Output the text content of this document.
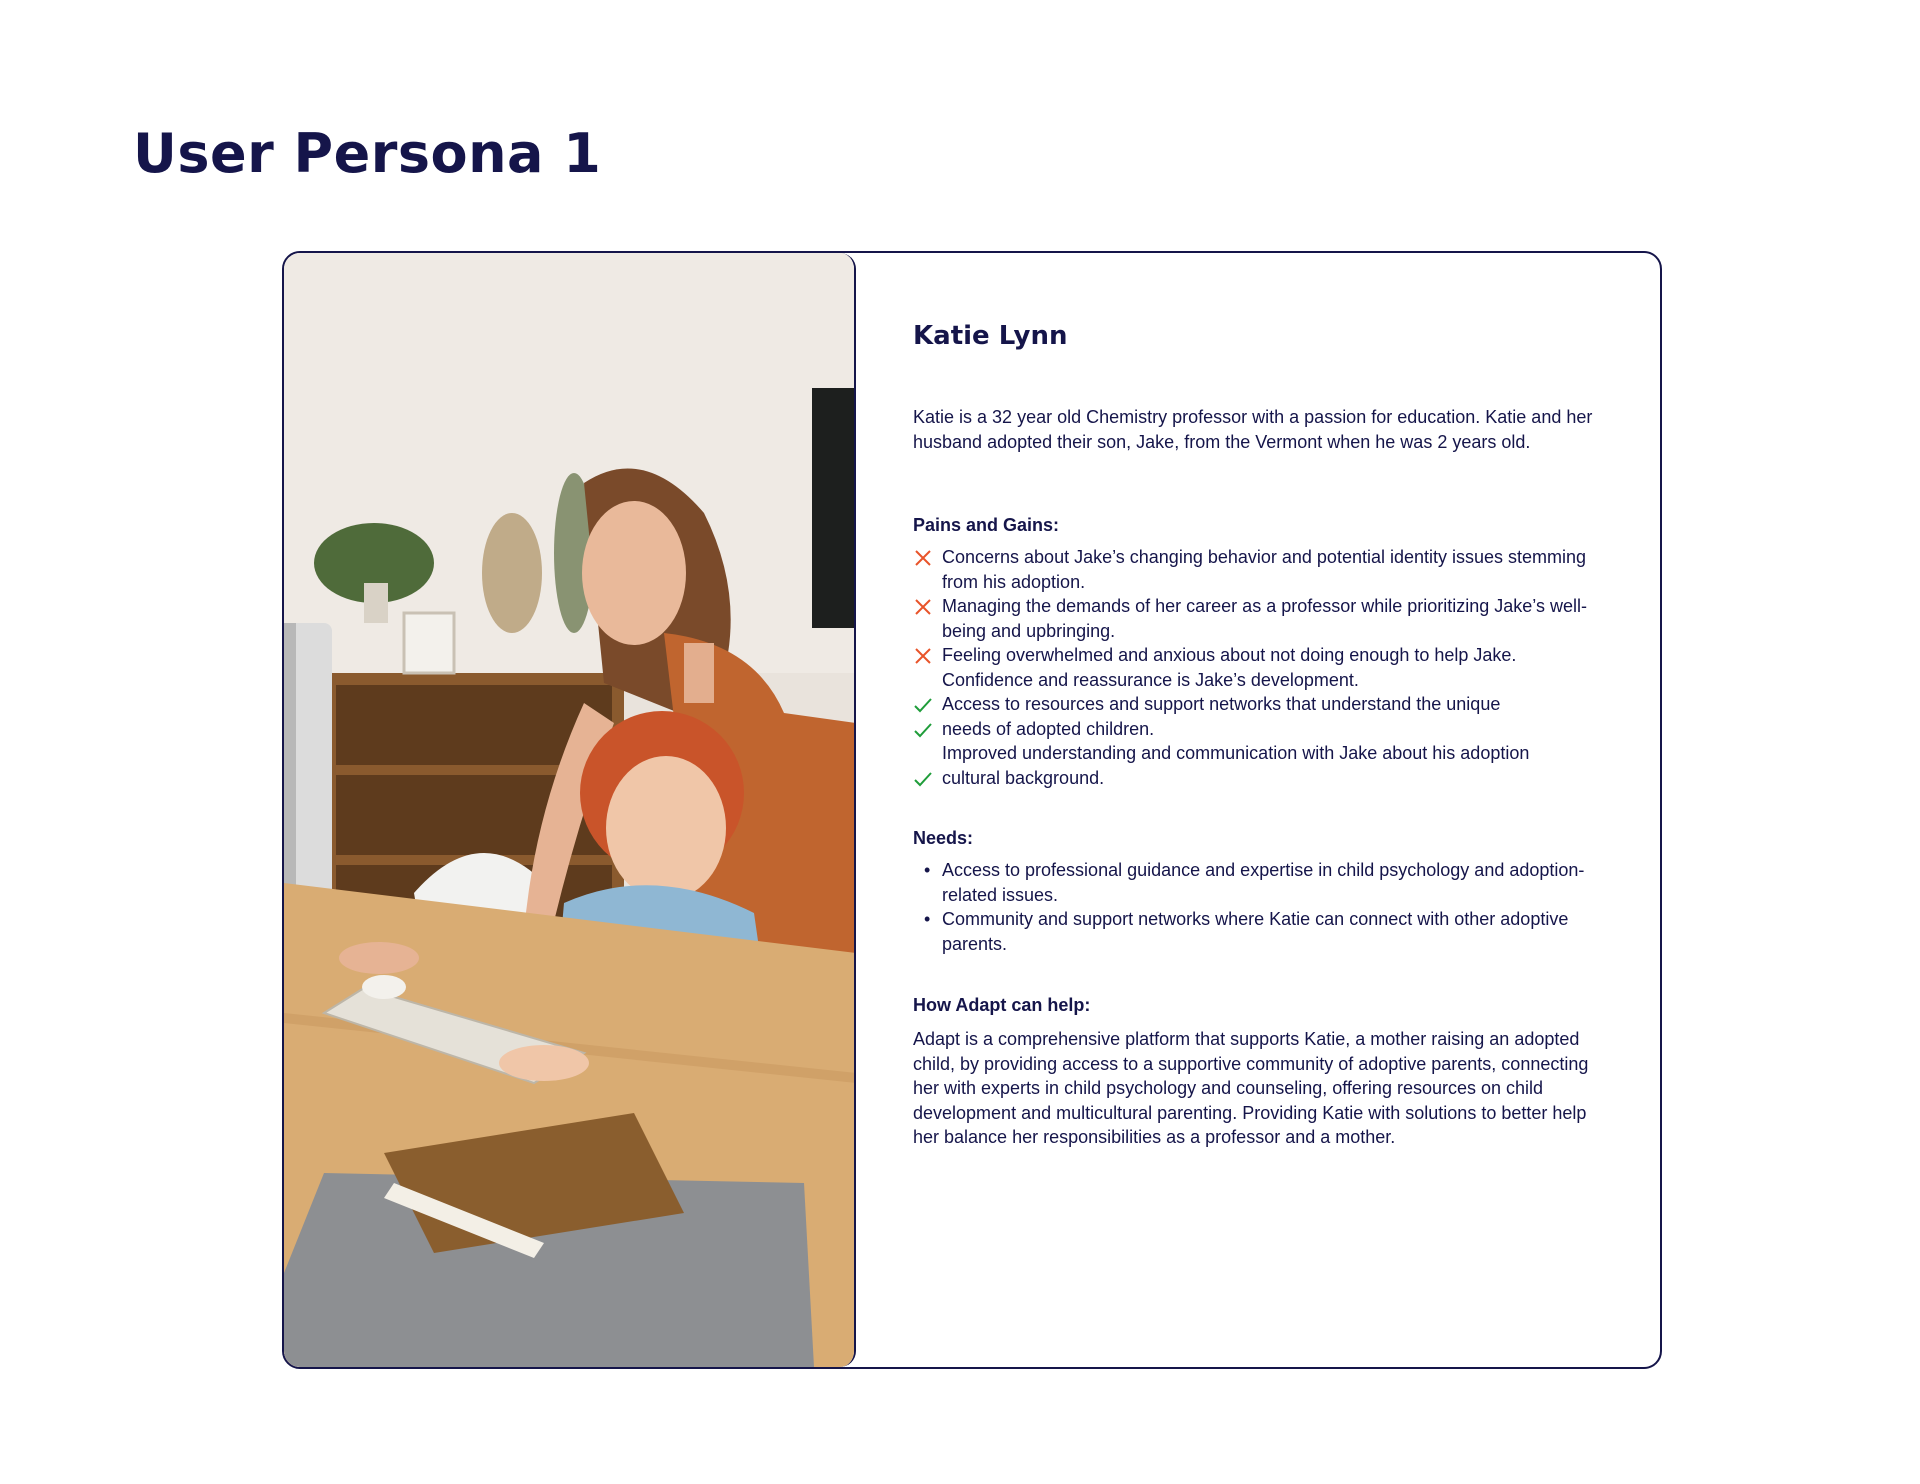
User Persona 1
Katie Lynn

Katie is a 32 year old Chemistry professor with a passion for education. Katie and her husband adopted their son, Jake, from the Vermont when he was 2 years old.

Pains and Gains:
Concerns about Jake’s changing behavior and potential identity issues stemming from his adoption.
Managing the demands of her career as a professor while prioritizing Jake’s well-being and upbringing.
Feeling overwhelmed and anxious about not doing enough to help Jake.
Confidence and reassurance is Jake’s development.
Access to resources and support networks that understand the unique
needs of adopted children.
Improved understanding and communication with Jake about his adoption
cultural background.
Needs:
• Access to professional guidance and expertise in child psychology and adoption-related issues.
• Community and support networks where Katie can connect with other adoptive parents.
How Adapt can help:

Adapt is a comprehensive platform that supports Katie, a mother raising an adopted child, by providing access to a supportive community of adoptive parents, connecting her with experts in child psychology and counseling, offering resources on child development and multicultural parenting. Providing Katie with solutions to better help her balance her responsibilities as a professor and a mother.
